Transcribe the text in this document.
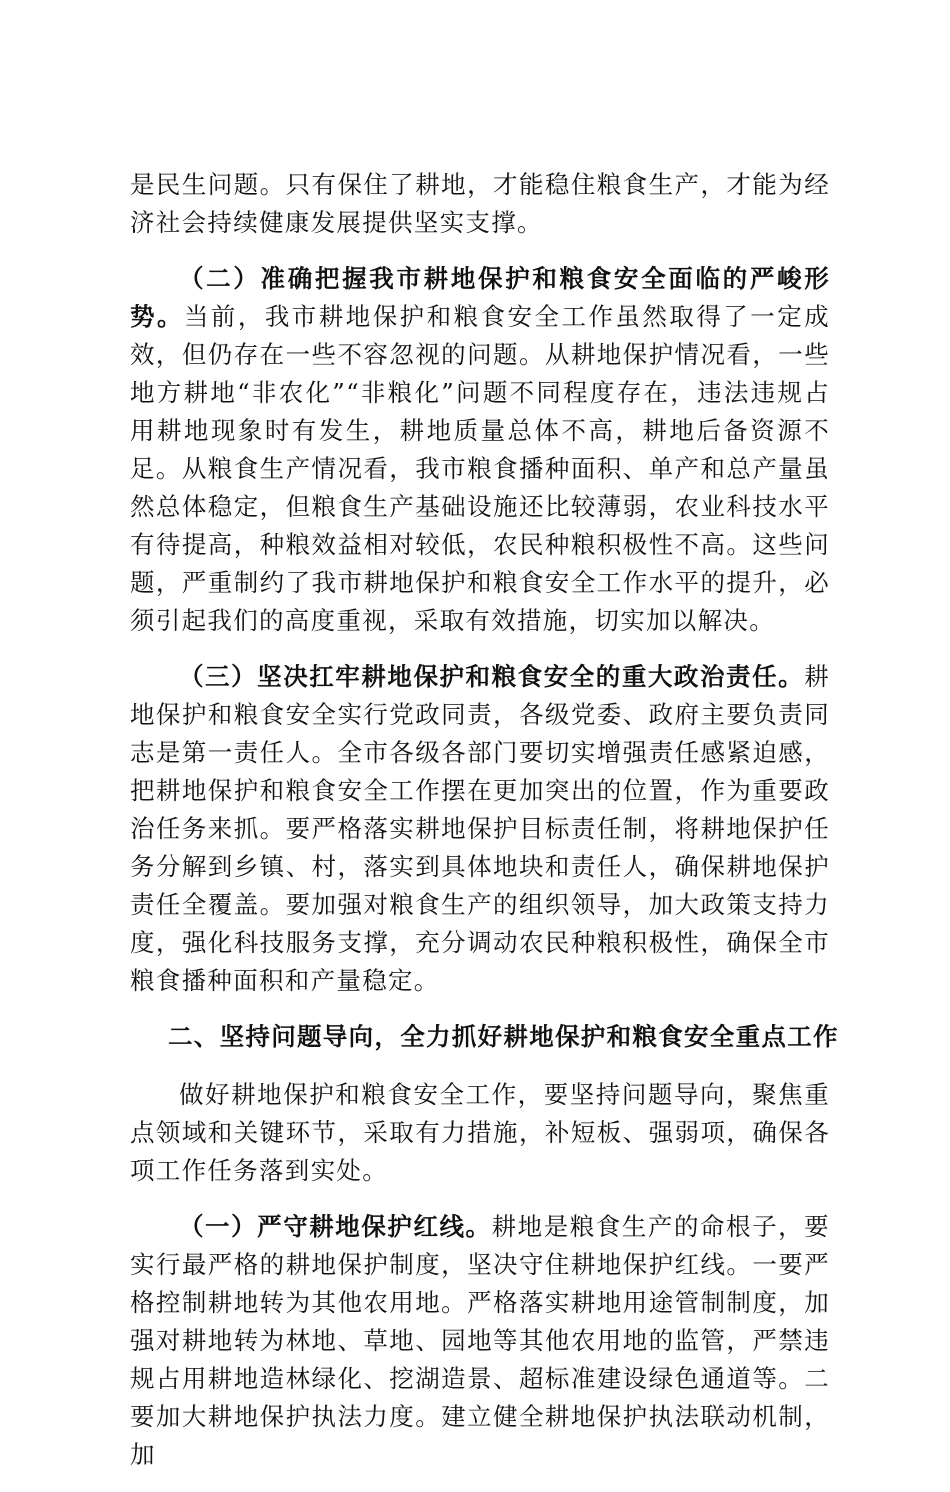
是民生问题。只有保住了耕地，才能稳住粮食生产，才能为经济社会持续健康发展提供坚实支撑。

（二）准确把握我市耕地保护和粮食安全面临的严峻形势。当前，我市耕地保护和粮食安全工作虽然取得了一定成效，但仍存在一些不容忽视的问题。从耕地保护情况看，一些地方耕地“非农化”“非粮化”问题不同程度存在，违法违规占用耕地现象时有发生，耕地质量总体不高，耕地后备资源不足。从粮食生产情况看，我市粮食播种面积、单产和总产量虽然总体稳定，但粮食生产基础设施还比较薄弱，农业科技水平有待提高，种粮效益相对较低，农民种粮积极性不高。这些问题，严重制约了我市耕地保护和粮食安全工作水平的提升，必须引起我们的高度重视，采取有效措施，切实加以解决。

（三）坚决扛牢耕地保护和粮食安全的重大政治责任。耕地保护和粮食安全实行党政同责，各级党委、政府主要负责同志是第一责任人。全市各级各部门要切实增强责任感紧迫感，把耕地保护和粮食安全工作摆在更加突出的位置，作为重要政治任务来抓。要严格落实耕地保护目标责任制，将耕地保护任务分解到乡镇、村，落实到具体地块和责任人，确保耕地保护责任全覆盖。要加强对粮食生产的组织领导，加大政策支持力度，强化科技服务支撑，充分调动农民种粮积极性，确保全市粮食播种面积和产量稳定。

二、坚持问题导向，全力抓好耕地保护和粮食安全重点工作

做好耕地保护和粮食安全工作，要坚持问题导向，聚焦重点领域和关键环节，采取有力措施，补短板、强弱项，确保各项工作任务落到实处。

（一）严守耕地保护红线。耕地是粮食生产的命根子，要实行最严格的耕地保护制度，坚决守住耕地保护红线。一要严格控制耕地转为其他农用地。严格落实耕地用途管制制度，加强对耕地转为林地、草地、园地等其他农用地的监管，严禁违规占用耕地造林绿化、挖湖造景、超标准建设绿色通道等。二要加大耕地保护执法力度。建立健全耕地保护执法联动机制，加
